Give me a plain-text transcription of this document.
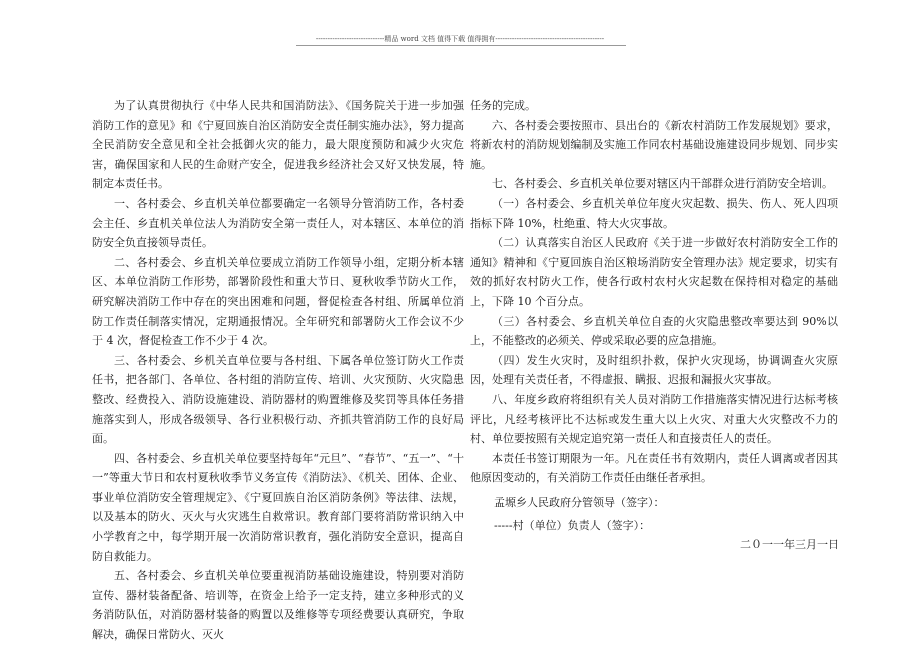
-----------------------------精品 word 文档 值得下载 值得拥有----------------------------------------------

为了认真贯彻执行《中华人民共和国消防法》、《国务院关于进一步加强消防工作的意见》和《宁夏回族自治区消防安全责任制实施办法》，努力提高全民消防安全意见和全社会抵御火灾的能力，最大限度预防和减少火灾危害，确保国家和人民的生命财产安全，促进我乡经济社会又好又快发展，特制定本责任书。

一、各村委会、乡直机关单位都要确定一名领导分管消防工作，各村委会主任、乡直机关单位法人为消防安全第一责任人，对本辖区、本单位的消防安全负直接领导责任。

二、各村委会、乡直机关单位要成立消防工作领导小组，定期分析本辖区、本单位消防工作形势，部署阶段性和重大节日、夏秋收季节防火工作，研究解决消防工作中存在的突出困难和问题，督促检查各村组、所属单位消防工作责任制落实情况，定期通报情况。全年研究和部署防火工作会议不少于 4 次，督促检查工作不少于 4 次。

三、各村委会、乡机关直单位要与各村组、下属各单位签订防火工作责任书，把各部门、各单位、各村组的消防宣传、培训、火灾预防、火灾隐患整改、经费投入、消防设施建设、消防器材的购置维修及奖罚等具体任务措施落实到人，形成各级领导、各行业积极行动、齐抓共管消防工作的良好局面。

四、各村委会、乡直机关单位要坚持每年“元旦”、“春节”、“五一”、“十一”等重大节日和农村夏秋收季节义务宣传《消防法》、《机关、团体、企业、事业单位消防安全管理规定》、《宁夏回族自治区消防条例》等法律、法规，以及基本的防火、灭火与火灾逃生自救常识。教育部门要将消防常识纳入中小学教育之中，每学期开展一次消防常识教育，强化消防安全意识，提高自防自救能力。

五、各村委会、乡直机关单位要重视消防基础设施建设，特别要对消防宣传、器材装备配备、培训等，在资金上给予一定支持，建立多种形式的义务消防队伍，对消防器材装备的购置以及维修等专项经费要认真研究，争取解决，确保日常防火、灭火

任务的完成。

六、各村委会要按照市、县出台的《新农村消防工作发展规划》要求，将新农村的消防规划编制及实施工作同农村基础设施建设同步规划、同步实施。

七、各村委会、乡直机关单位要对辖区内干部群众进行消防安全培训。

（一）各村委会、乡直机关单位年度火灾起数、损失、伤人、死人四项指标下降 10%，杜绝重、特大火灾事故。

（二）认真落实自治区人民政府《关于进一步做好农村消防安全工作的通知》精神和《宁夏回族自治区粮场消防安全管理办法》规定要求，切实有效的抓好农村防火工作，使各行政村农村火灾起数在保持相对稳定的基础上，下降 10 个百分点。

（三）各村委会、乡直机关单位自查的火灾隐患整改率要达到 90%以上，不能整改的必须关、停或采取必要的应急措施。

（四）发生火灾时，及时组织扑救，保护火灾现场，协调调查火灾原因，处理有关责任者，不得虚报、瞒报、迟报和漏报火灾事故。

八、年度乡政府将组织有关人员对消防工作措施落实情况进行达标考核评比，凡经考核评比不达标或发生重大以上火灾、对重大火灾整改不力的村、单位要按照有关规定追究第一责任人和直接责任人的责任。

本责任书签订期限为一年。凡在责任书有效期内，责任人调离或者因其他原因变动的，有关消防工作责任由继任者承担。

孟塬乡人民政府分管领导（签字）：
-----村（单位）负责人（签字）：
二０一一年三月一日
